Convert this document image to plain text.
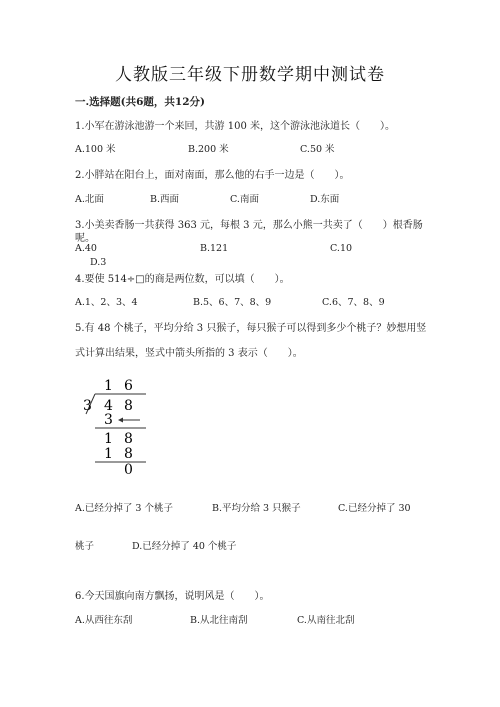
人教版三年级下册数学期中测试卷
一.选择题(共6题，共12分)
1.小军在游泳池游一个来回，共游 100 米，这个游泳池泳道长（　　）。
A.100 米	B.200 米	C.50 米
2.小胖站在阳台上，面对南面，那么他的右手一边是（　　）。
A.北面	B.西面	C.南面	D.东面
3.小美卖香肠一共获得 363 元，每根 3 元，那么小熊一共卖了（　　）根香肠
呢。
A.40	B.121	C.10
D.3
4.要使 514÷□的商是两位数，可以填（　　）。
A.1、2、3、4	B.5、6、7、8、9	C.6、7、8、9
5.有 48 个桃子，平均分给 3 只猴子，每只猴子可以得到多少个桃子？妙想用竖
式计算出结果，竖式中箭头所指的 3 表示（　　）。
1 6
3 4 8
3
1 8
1 8
0
A.已经分掉了 3 个桃子	B.平均分给 3 只猴子	C.已经分掉了 30
桃子	D.已经分掉了 40 个桃子
6.今天国旗向南方飘扬，说明风是（　　）。
A.从西往东刮	B.从北往南刮	C.从南往北刮
